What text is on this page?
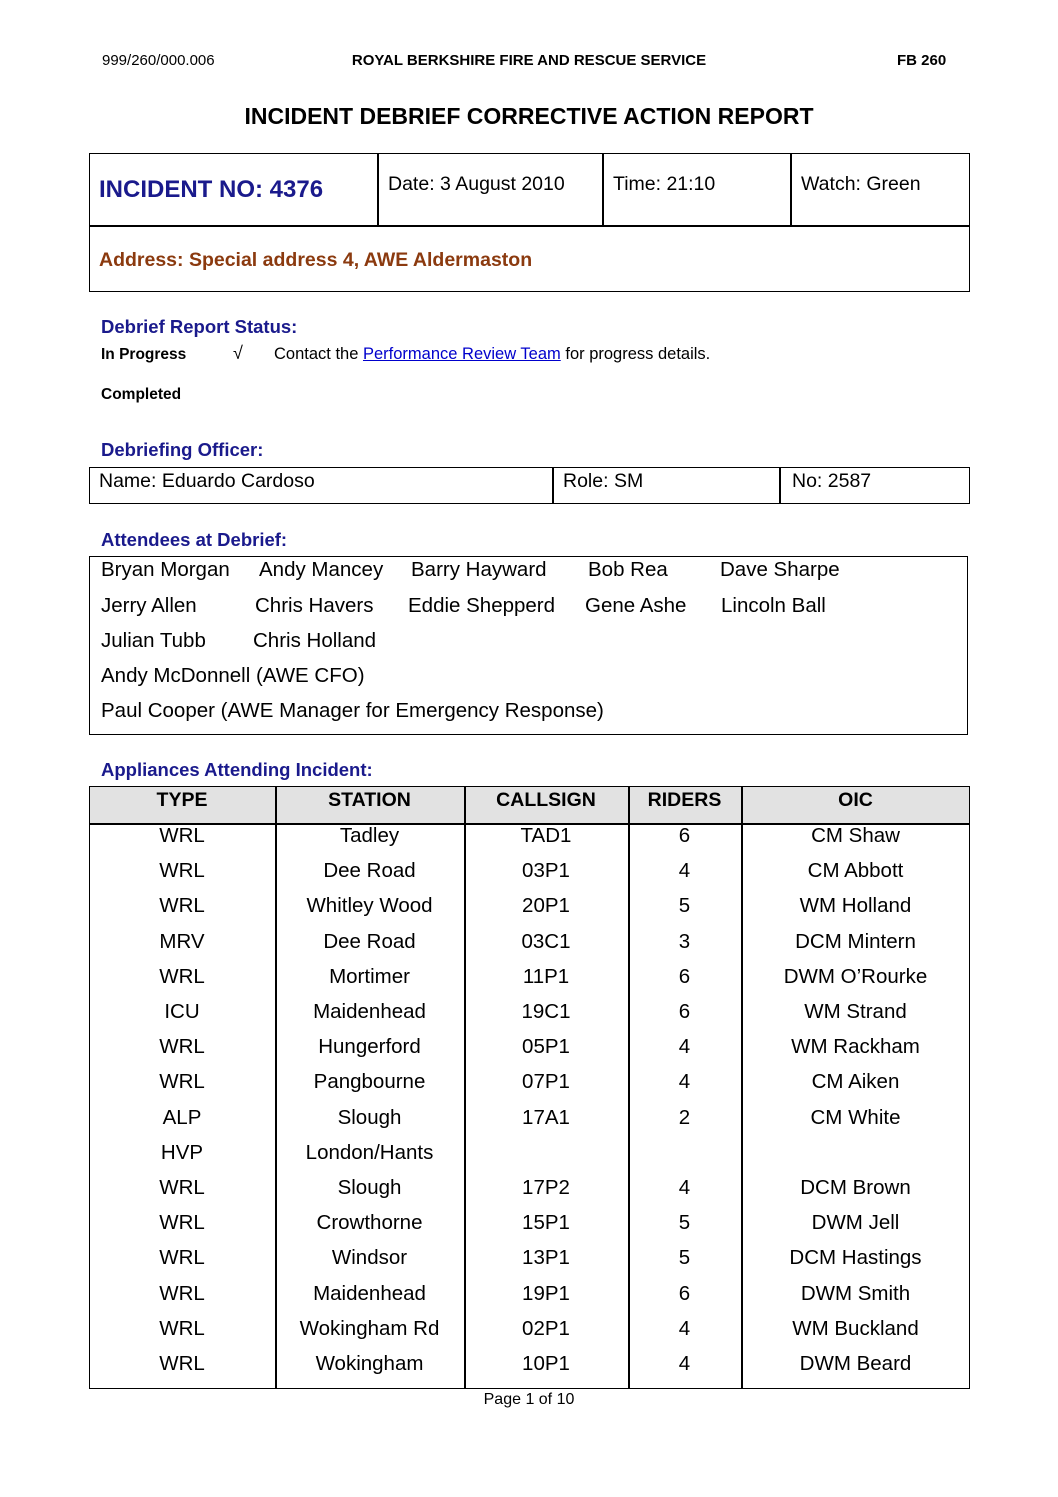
999/260/000.006	ROYAL BERKSHIRE FIRE AND RESCUE SERVICE	FB 260
INCIDENT DEBRIEF CORRECTIVE ACTION REPORT
INCIDENT NO: 4376	Date: 3 August 2010 Time: 21:10	Watch: Green
Address: Special address 4, AWE Aldermaston
Debrief Report Status:
In Progress	√ Contact the Performance Review Team for progress details.
Completed
Debriefing Officer:
Name: Eduardo Cardoso	Role: SM	No: 2587
Attendees at Debrief:
Bryan Morgan Andy Mancey Barry Hayward Bob Rea	Dave Sharpe
Jerry Allen	Chris Havers Eddie Shepperd Gene Ashe Lincoln Ball
Julian Tubb Chris Holland
Andy McDonnell (AWE CFO)
Paul Cooper (AWE Manager for Emergency Response)
Appliances Attending Incident:
TYPE	STATION	CALLSIGN	RIDERS	OIC
WRL	Tadley	TAD1	6	CM Shaw
WRL	Dee Road	03P1	4	CM Abbott
WRL	Whitley Wood	20P1	5	WM Holland
MRV	Dee Road	03C1	3	DCM Mintern
WRL	Mortimer	11P1	6	DWM O’Rourke
ICU	Maidenhead	19C1	6	WM Strand
WRL	Hungerford	05P1	4	WM Rackham
WRL	Pangbourne	07P1	4	CM Aiken
ALP	Slough	17A1	2	CM White
HVP	London/Hants
WRL	Slough	17P2	4	DCM Brown
WRL	Crowthorne	15P1	5	DWM Jell
WRL	Windsor	13P1	5	DCM Hastings
WRL	Maidenhead	19P1	6	DWM Smith
WRL	Wokingham Rd	02P1	4	WM Buckland
WRL	Wokingham	10P1	4	DWM Beard
Page 1 of 10
